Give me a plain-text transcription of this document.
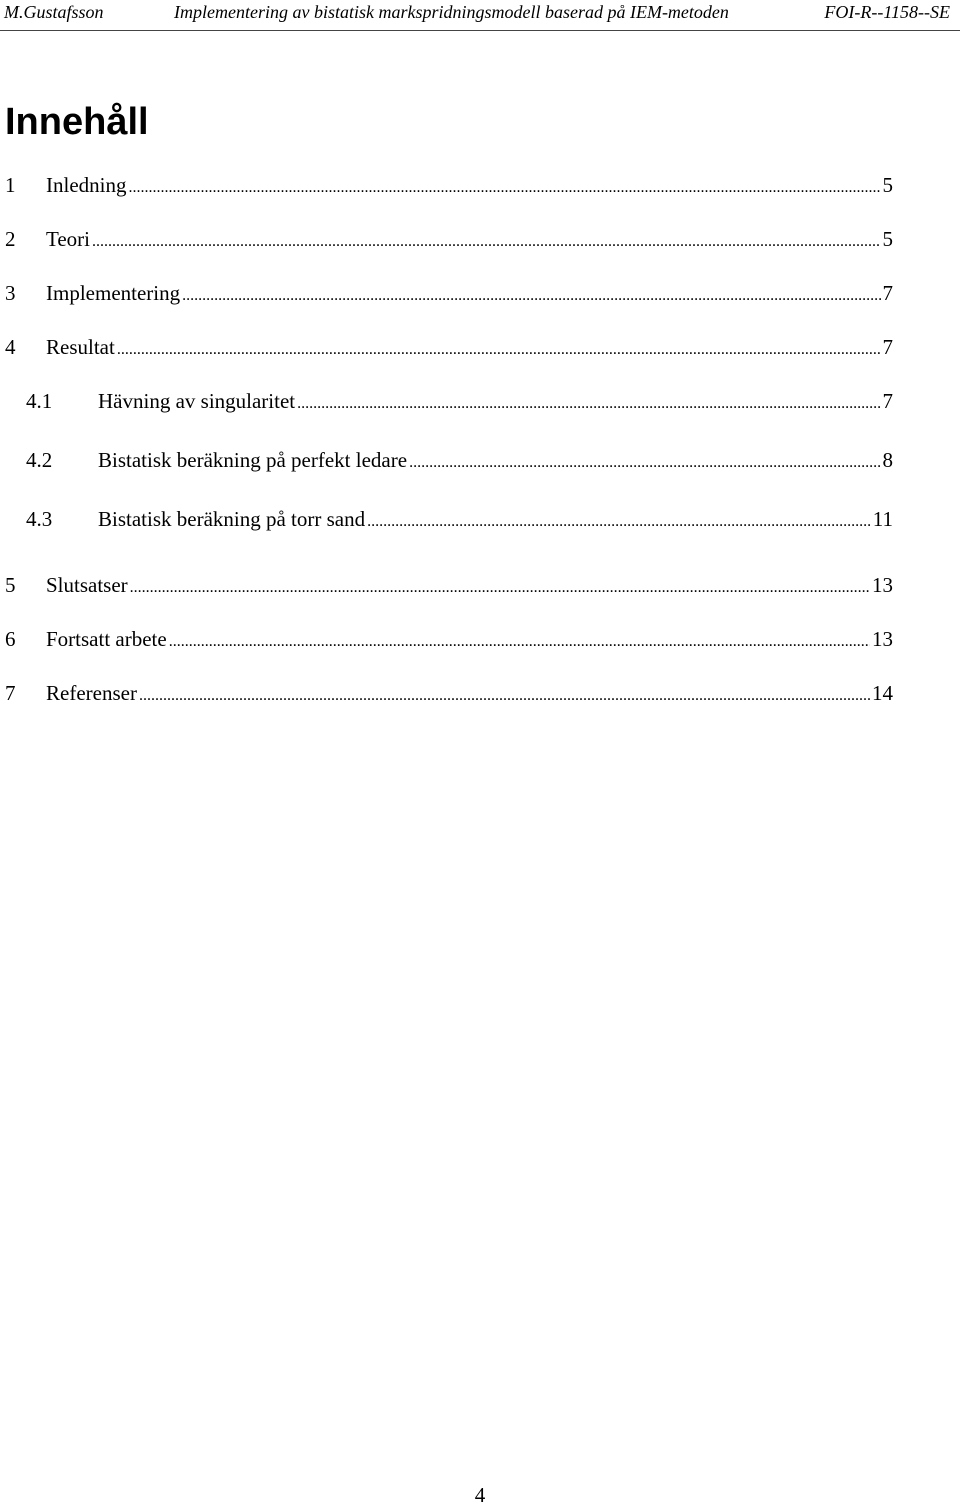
M.Gustafsson	Implementering av bistatisk markspridningsmodell baserad på IEM-metoden	FOI-R--1158--SE
Innehåll
1 Inledning .....	5
2 Teori .....	5
3 Implementering .....	7
4 Resultat .....	7
4.1 Hävning av singularitet .....	7
4.2 Bistatisk beräkning på perfekt ledare .....	8
4.3 Bistatisk beräkning på torr sand .....	11
5 Slutsatser .....	13
6 Fortsatt arbete .....	13
7 Referenser .....	14
4
